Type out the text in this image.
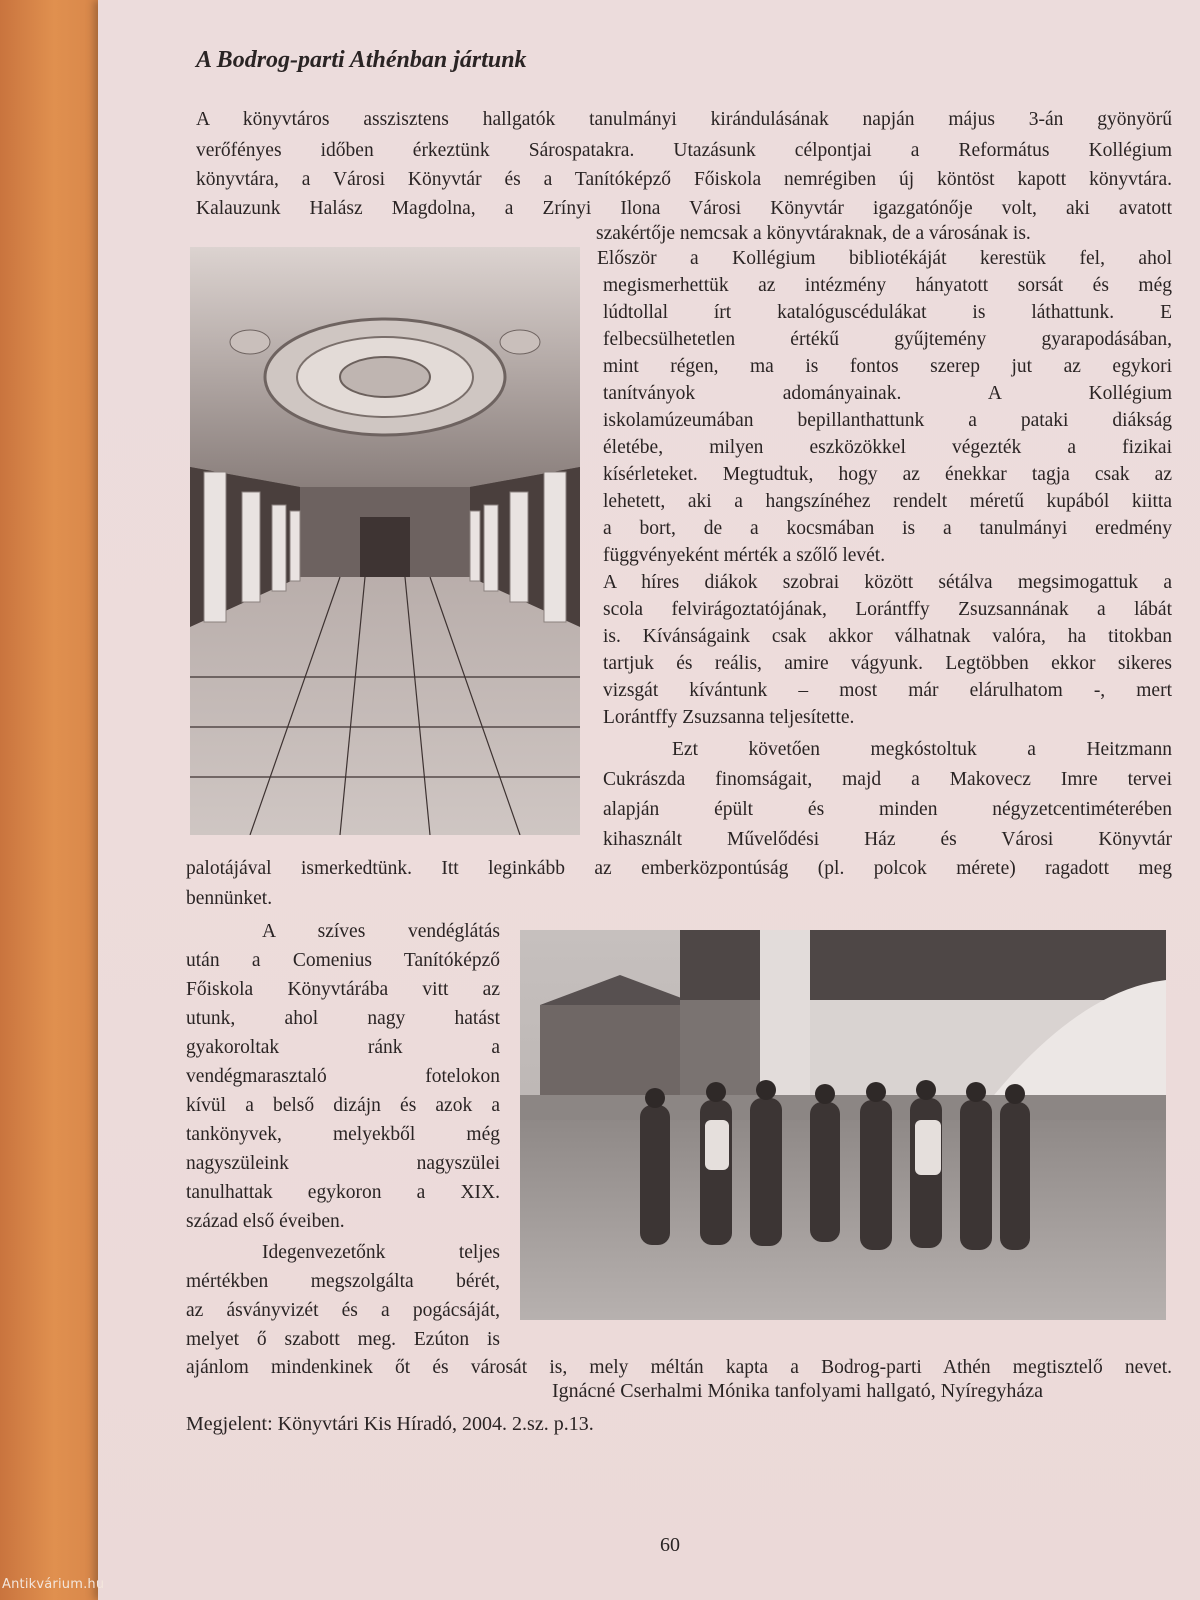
A Bodrog-parti Athénban jártunk
A könyvtáros asszisztens hallgatók tanulmányi kirándulásának napján május 3-án gyönyörű
verőfényes időben érkeztünk Sárospatakra. Utazásunk célpontjai a Református Kollégium
könyvtára, a Városi Könyvtár és a Tanítóképző Főiskola nemrégiben új köntöst kapott könyvtára.
Kalauzunk Halász Magdolna, a Zrínyi Ilona Városi Könyvtár igazgatónője volt, aki avatott
szakértője nemcsak a könyvtáraknak, de a városának is.
Először a Kollégium bibliotékáját kerestük fel, ahol
megismerhettük az intézmény hányatott sorsát és még
lúdtollal írt katalóguscédulákat is láthattunk. E
felbecsülhetetlen értékű gyűjtemény gyarapodásában,
mint régen, ma is fontos szerep jut az egykori
tanítványok adományainak. A Kollégium
iskolamúzeumában bepillanthattunk a pataki diákság
életébe, milyen eszközökkel végezték a fizikai
kísérleteket. Megtudtuk, hogy az énekkar tagja csak az
lehetett, aki a hangszínéhez rendelt méretű kupából kiitta
a bort, de a kocsmában is a tanulmányi eredmény
függvényeként mérték a szőlő levét.
A híres diákok szobrai között sétálva megsimogattuk a
scola felvirágoztatójának, Lorántffy Zsuzsannának a lábát
is. Kívánságaink csak akkor válhatnak valóra, ha titokban
tartjuk és reális, amire vágyunk. Legtöbben ekkor sikeres
vizsgát kívántunk – most már elárulhatom -, mert
Lorántffy Zsuzsanna teljesítette.
Ezt követően megkóstoltuk a Heitzmann
Cukrászda finomságait, majd a Makovecz Imre tervei
alapján épült és minden négyzetcentiméterében
kihasznált Művelődési Ház és Városi Könyvtár
palotájával ismerkedtünk. Itt leginkább az emberközpontúság (pl. polcok mérete) ragadott meg
bennünket.
A szíves vendéglátás
után a Comenius Tanítóképző
Főiskola Könyvtárába vitt az
utunk, ahol nagy hatást
gyakoroltak ránk a
vendégmarasztaló fotelokon
kívül a belső dizájn és azok a
tankönyvek, melyekből még
nagyszüleink nagyszülei
tanulhattak egykoron a XIX.
század első éveiben.
Idegenvezetőnk teljes
mértékben megszolgálta bérét,
az ásványvizét és a pogácsáját,
melyet ő szabott meg. Ezúton is
ajánlom mindenkinek őt és városát is, mely méltán kapta a Bodrog-parti Athén megtisztelő nevet.
Ignácné Cserhalmi Mónika tanfolyami hallgató, Nyíregyháza
Megjelent: Könyvtári Kis Híradó, 2004. 2.sz. p.13.
60
Antikvárium.hu
